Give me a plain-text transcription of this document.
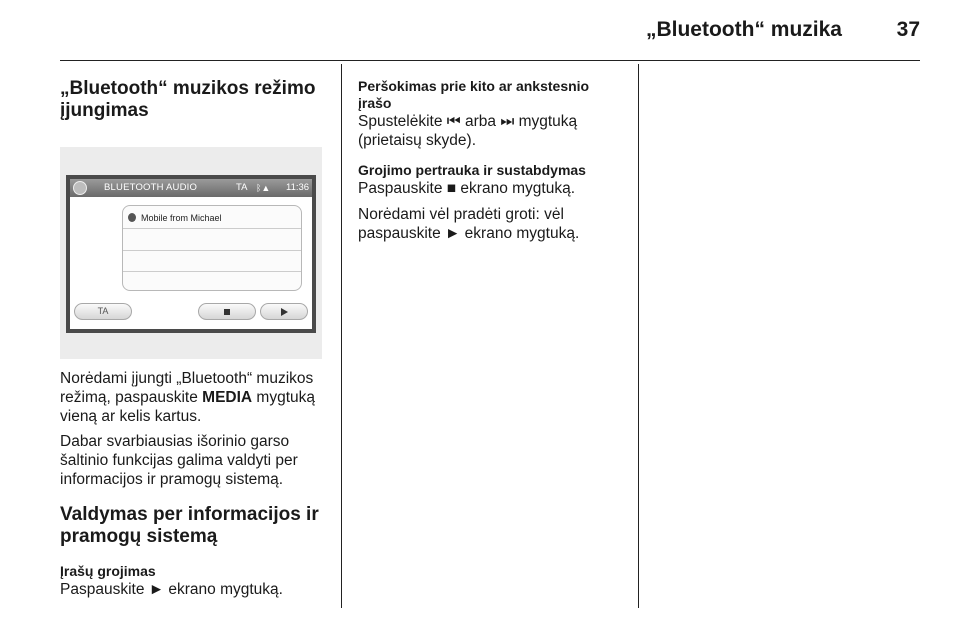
„Bluetooth“ muzika	37
„Bluetooth“ muzikos režimo įjungimas
BLUETOOTH AUDIO	TA ᛒ▲ 11:36
Mobile from Michael
TA

Norėdami įjungti „Bluetooth“ muzikos režimą, paspauskite MEDIA mygtuką vieną ar kelis kartus.

Dabar svarbiausias išorinio garso šaltinio funkcijas galima valdyti per informacijos ir pramogų sistemą.

Valdymas per informacijos ir pramogų sistemą
Įrašų grojimas

Paspauskite ► ekrano mygtuką.

Peršokimas prie kito ar ankstesnio įrašo

Spustelėkite ⏮ arba ⏭ mygtuką (prietaisų skyde).

Grojimo pertrauka ir sustabdymas

Paspauskite ■ ekrano mygtuką.

Norėdami vėl pradėti groti: vėl paspauskite ► ekrano mygtuką.
